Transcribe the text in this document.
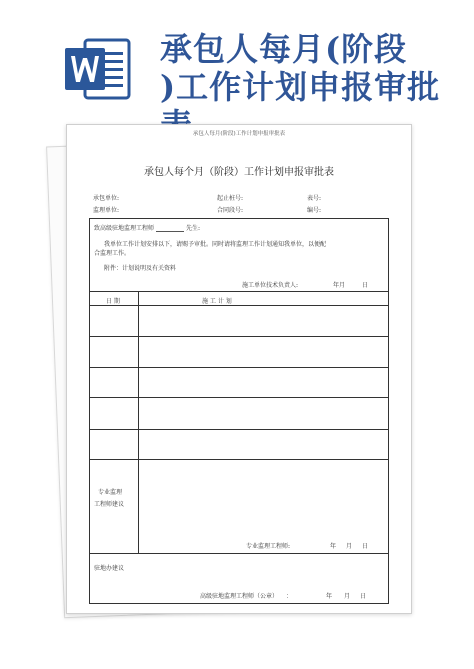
承包人每月(阶段
)工作计划申报审批
承包人每月(阶段)工作计划申报审批表
承包人每个月（阶段）工作计划申报审批表
承包单位:	起止桩号:	表号:
监理单位:	合同段号:	编号:
致高级驻地监理工程师	先生:
我单位工作计划安排以下，请赐予审批。同时请将监理工作计划通知我单位，以便配
合监理工作。
附件：计划说明及有关资料
施工单位技术负责人:	年月	日
日 期	施 工 计 划
专业监理
工程师建议
专业监理工程师:	年 月 日
驻地办建议
高级驻地监理工程师（公章） ：	年 月 日
